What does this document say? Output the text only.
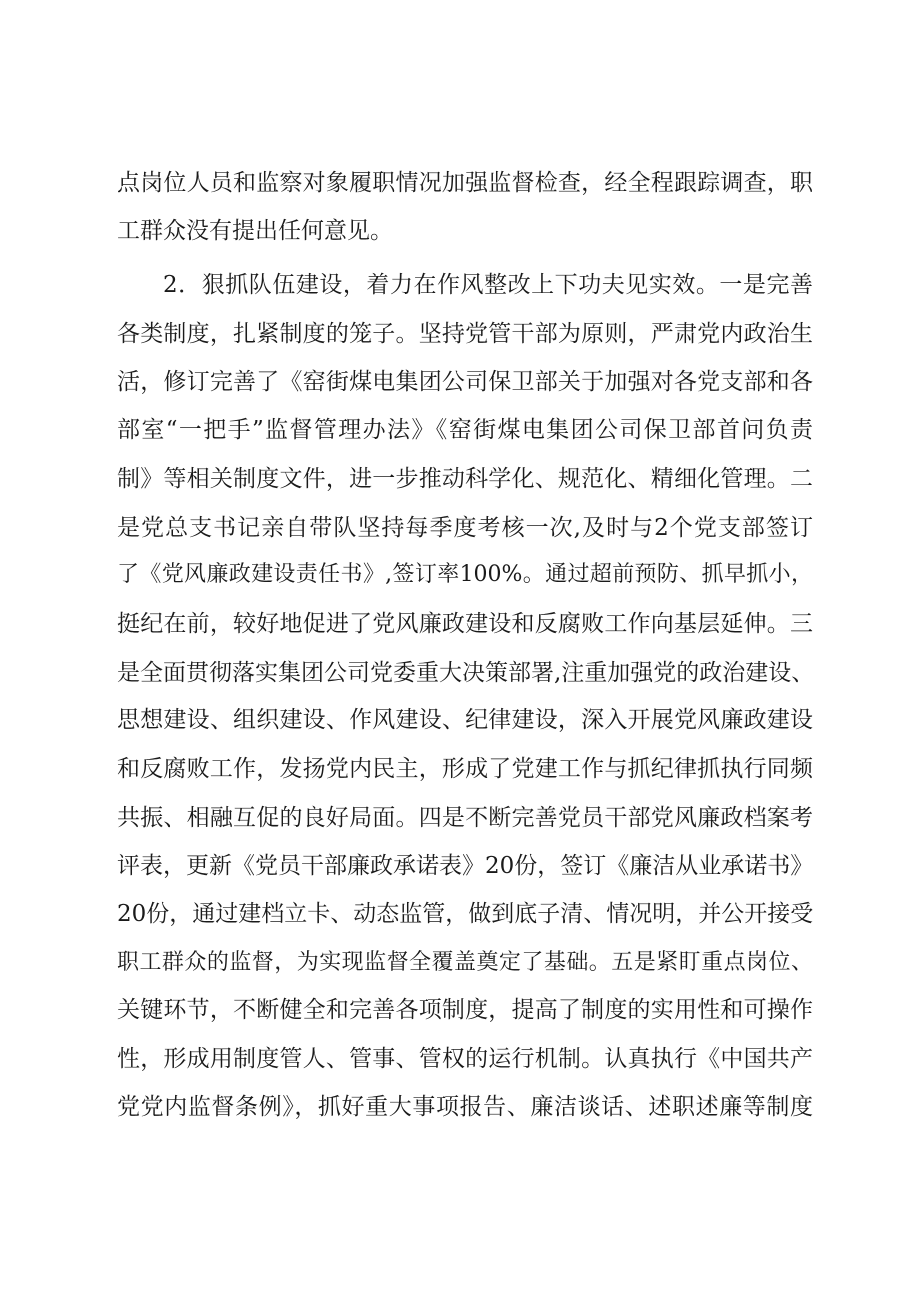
点岗位人员和监察对象履职情况加强监督检查，经全程跟踪调查，职
工群众没有提出任何意见。
2．狠抓队伍建设，着力在作风整改上下功夫见实效。一是完善
各类制度，扎紧制度的笼子。坚持党管干部为原则，严肃党内政治生
活，修订完善了《窑街煤电集团公司保卫部关于加强对各党支部和各
部室“一把手”监督管理办法》《窑街煤电集团公司保卫部首问负责
制》等相关制度文件，进一步推动科学化、规范化、精细化管理。二
是党总支书记亲自带队坚持每季度考核一次,及时与2个党支部签订
了《党风廉政建设责任书》,签订率100%。通过超前预防、抓早抓小，
挺纪在前，较好地促进了党风廉政建设和反腐败工作向基层延伸。三
是全面贯彻落实集团公司党委重大决策部署,注重加强党的政治建设、
思想建设、组织建设、作风建设、纪律建设，深入开展党风廉政建设
和反腐败工作，发扬党内民主，形成了党建工作与抓纪律抓执行同频
共振、相融互促的良好局面。四是不断完善党员干部党风廉政档案考
评表，更新《党员干部廉政承诺表》20份，签订《廉洁从业承诺书》
20份，通过建档立卡、动态监管，做到底子清、情况明，并公开接受
职工群众的监督，为实现监督全覆盖奠定了基础。五是紧盯重点岗位、
关键环节，不断健全和完善各项制度，提高了制度的实用性和可操作
性，形成用制度管人、管事、管权的运行机制。认真执行《中国共产
党党内监督条例》，抓好重大事项报告、廉洁谈话、述职述廉等制度
